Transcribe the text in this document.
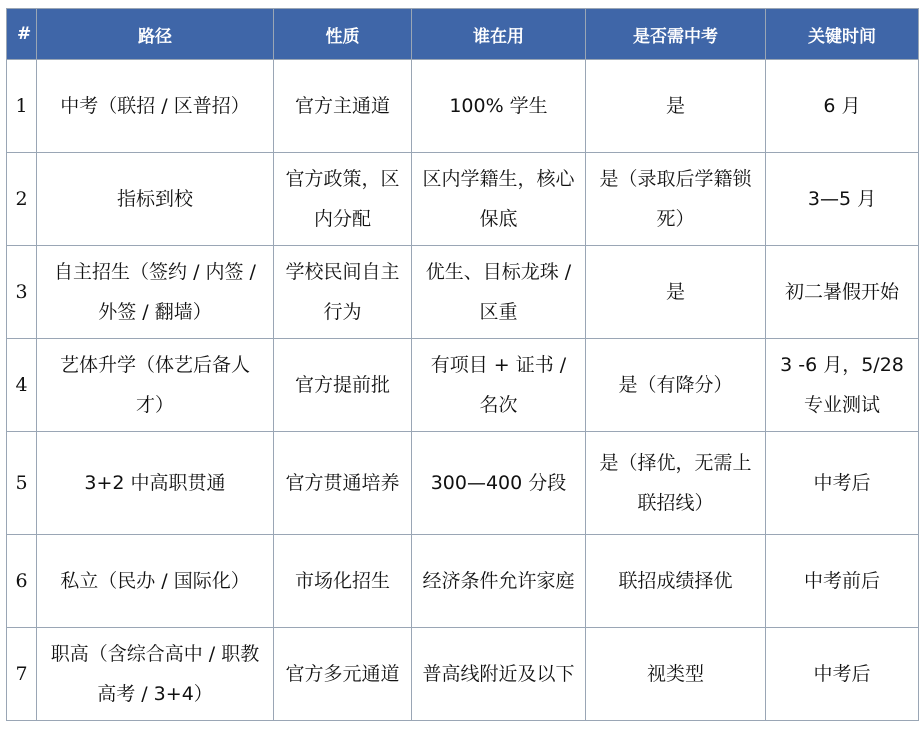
#	路径	性质	谁在用	是否需中考	关键时间
1	中考（联招 / 区普招）	官方主通道	100% 学生	是	6 月
2	指标到校	官方政策，区内分配	区内学籍生，核心保底	是（录取后学籍锁死）	3—5 月
3	自主招生（签约 / 内签 / 外签 / 翻墙）	学校民间自主行为	优生、目标龙珠 / 区重	是	初二暑假开始
4	艺体升学（体艺后备人才）	官方提前批	有项目 + 证书 / 名次	是（有降分）	3 -6 月，5/28 专业测试
5	3+2 中高职贯通	官方贯通培养	300—400 分段	是（择优，无需上联招线）	中考后
6	私立（民办 / 国际化）	市场化招生	经济条件允许家庭	联招成绩择优	中考前后
7	职高（含综合高中 / 职教高考 / 3+4）	官方多元通道	普高线附近及以下	视类型	中考后
